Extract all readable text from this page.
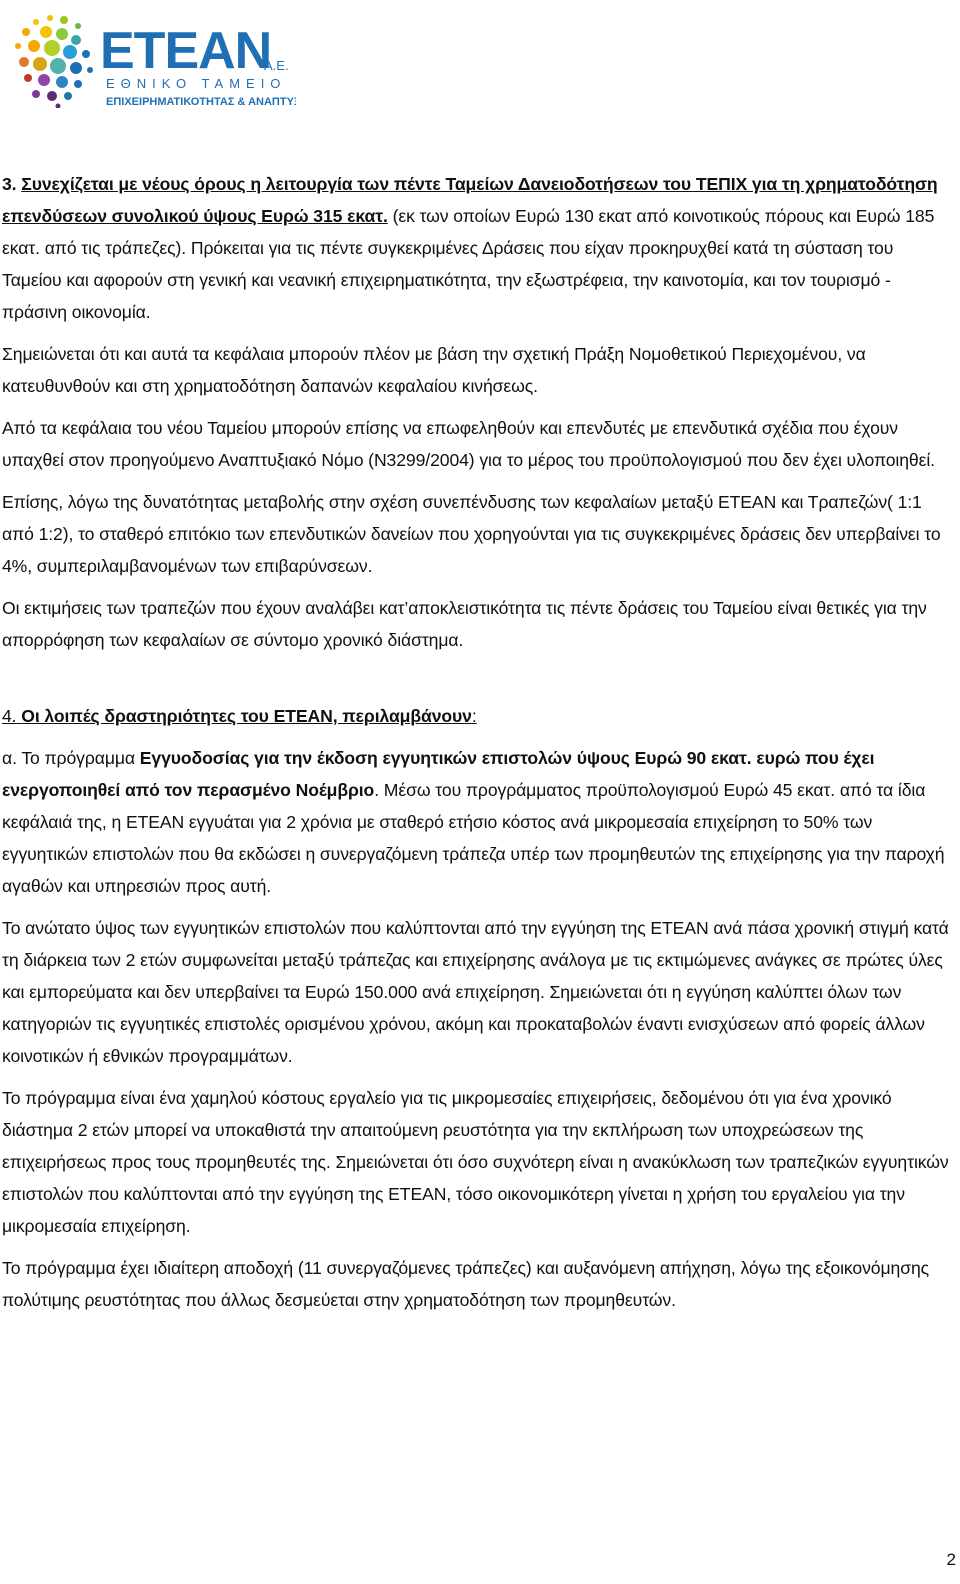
ΕΤΕΑΝ
Α.Ε.
ΕΘΝΙΚΟ ΤΑΜΕΙΟ
ΕΠΙΧΕΙΡΗΜΑΤΙΚΟΤΗΤΑΣ & ΑΝΑΠΤΥΞΗΣ

3. Συνεχίζεται με νέους όρους η λειτουργία των πέντε Ταμείων Δανειοδοτήσεων του ΤΕΠΙΧ για τη χρηματοδότηση επενδύσεων συνολικού ύψους Ευρώ 315 εκατ. (εκ των οποίων Ευρώ 130 εκατ από κοινοτικούς πόρους και Ευρώ 185 εκατ. από τις τράπεζες). Πρόκειται για τις πέντε συγκεκριμένες Δράσεις που είχαν προκηρυχθεί κατά τη σύσταση του Ταμείου και αφορούν στη γενική και νεανική επιχειρηματικότητα, την εξωστρέφεια, την καινοτομία, και τον τουρισμό - πράσινη οικονομία.

Σημειώνεται ότι και αυτά τα κεφάλαια μπορούν πλέον με βάση την σχετική Πράξη Νομοθετικού Περιεχομένου, να κατευθυνθούν και στη χρηματοδότηση δαπανών κεφαλαίου κινήσεως.

Από τα κεφάλαια του νέου Ταμείου μπορούν επίσης να επωφεληθούν και επενδυτές με επενδυτικά σχέδια που έχουν υπαχθεί στον προηγούμενο Αναπτυξιακό Νόμο (Ν3299/2004) για το μέρος του προϋπολογισμού που δεν έχει υλοποιηθεί.

Επίσης, λόγω της δυνατότητας μεταβολής στην σχέση συνεπένδυσης των κεφαλαίων μεταξύ ΕΤΕΑΝ και Τραπεζών( 1:1 από 1:2), το σταθερό επιτόκιο των επενδυτικών δανείων που χορηγούνται για τις συγκεκριμένες δράσεις δεν υπερβαίνει το 4%, συμπεριλαμβανομένων των επιβαρύνσεων.

Οι εκτιμήσεις των τραπεζών που έχουν αναλάβει κατ’αποκλειστικότητα τις πέντε δράσεις του Ταμείου είναι θετικές για την απορρόφηση των κεφαλαίων σε σύντομο χρονικό διάστημα.

4. Οι λοιπές δραστηριότητες του ΕΤΕΑΝ, περιλαμβάνουν:

α. Το πρόγραμμα Εγγυοδοσίας για την έκδοση εγγυητικών επιστολών ύψους Ευρώ 90 εκατ. ευρώ που έχει ενεργοποιηθεί από τον περασμένο Νοέμβριο. Μέσω του προγράμματος προϋπολογισμού Ευρώ 45 εκατ. από τα ίδια κεφάλαιά της, η ΕΤΕΑΝ εγγυάται για 2 χρόνια με σταθερό ετήσιο κόστος ανά μικρομεσαία επιχείρηση το 50% των εγγυητικών επιστολών που θα εκδώσει η συνεργαζόμενη τράπεζα υπέρ των προμηθευτών της επιχείρησης για την παροχή αγαθών και υπηρεσιών προς αυτή.

Το ανώτατο ύψος των εγγυητικών επιστολών που καλύπτονται από την εγγύηση της ΕΤΕΑΝ ανά πάσα χρονική στιγμή κατά τη διάρκεια των 2 ετών συμφωνείται μεταξύ τράπεζας και επιχείρησης ανάλογα με τις εκτιμώμενες ανάγκες σε πρώτες ύλες και εμπορεύματα και δεν υπερβαίνει τα Ευρώ 150.000 ανά επιχείρηση. Σημειώνεται ότι η εγγύηση καλύπτει όλων των κατηγοριών τις εγγυητικές επιστολές ορισμένου χρόνου, ακόμη και προκαταβολών έναντι ενισχύσεων από φορείς άλλων κοινοτικών ή εθνικών προγραμμάτων.

Το πρόγραμμα είναι ένα χαμηλού κόστους εργαλείο για τις μικρομεσαίες επιχειρήσεις, δεδομένου ότι για ένα χρονικό διάστημα 2 ετών μπορεί να υποκαθιστά την απαιτούμενη ρευστότητα για την εκπλήρωση των υποχρεώσεων της επιχειρήσεως προς τους προμηθευτές της. Σημειώνεται ότι όσο συχνότερη είναι η ανακύκλωση των τραπεζικών εγγυητικών επιστολών που καλύπτονται από την εγγύηση της ΕΤΕΑΝ, τόσο οικονομικότερη γίνεται η χρήση του εργαλείου για την μικρομεσαία επιχείρηση.

Το πρόγραμμα έχει ιδιαίτερη αποδοχή (11 συνεργαζόμενες τράπεζες) και αυξανόμενη απήχηση, λόγω της εξοικονόμησης πολύτιμης ρευστότητας που άλλως δεσμεύεται στην χρηματοδότηση των προμηθευτών.

2
